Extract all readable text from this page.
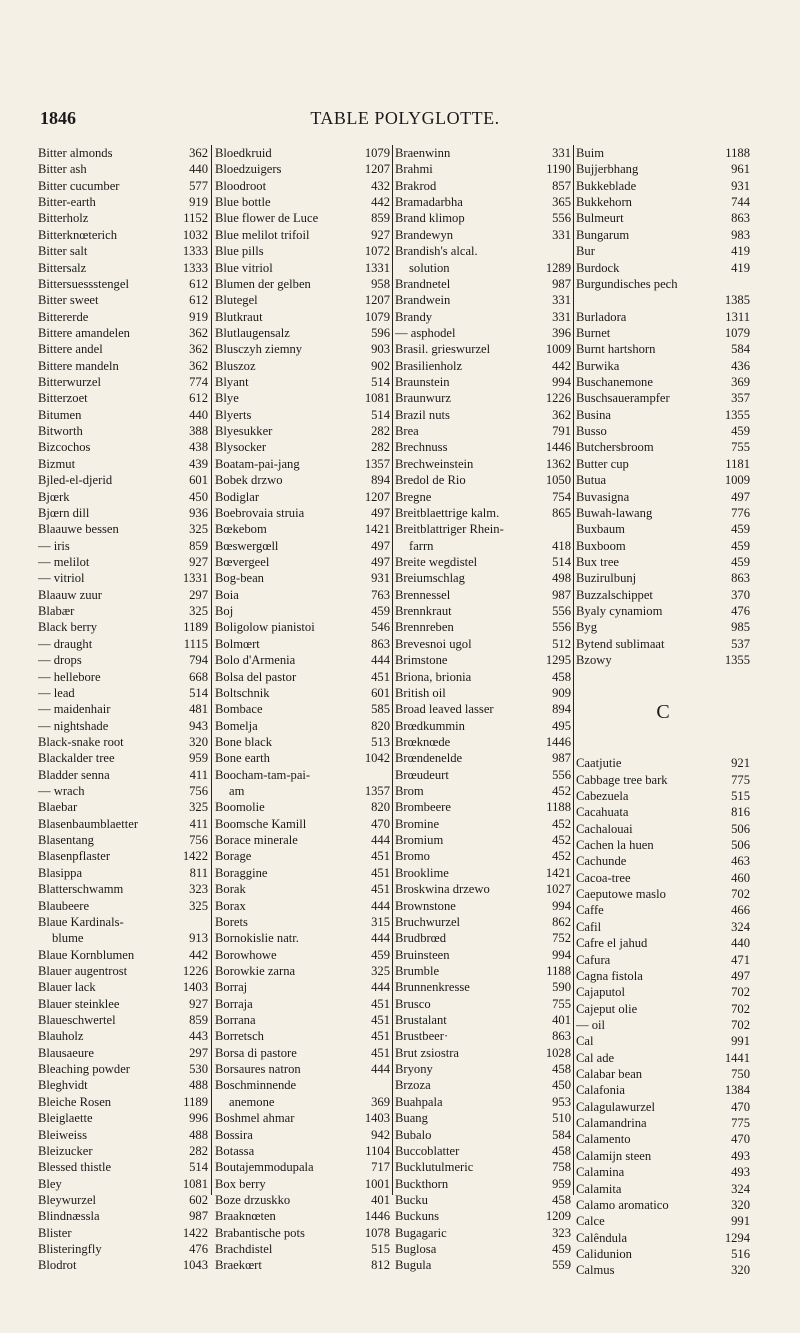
1846	TABLE POLYGLOTTE.
Bitter almonds	362
Bitter ash	440
Bitter cucumber	577
Bitter-earth	919
Bitterholz	1152
Bitterknœterich	1032
Bitter salt	1333
Bittersalz	1333
Bittersuessstengel	612
Bitter sweet	612
Bittererde	919
Bittere amandelen	362
Bittere andel	362
Bittere mandeln	362
Bitterwurzel	774
Bitterzoet	612
Bitumen	440
Bitworth	388
Bizcochos	438
Bizmut	439
Bjled-el-djerid	601
Bjœrk	450
Bjœrn dill	936
Blaauwe bessen	325
— iris	859
— melilot	927
— vitriol	1331
Blaauw zuur	297
Blabær	325
Black berry	1189
— draught	1115
— drops	794
— hellebore	668
— lead	514
— maidenhair	481
— nightshade	943
Black-snake root	320
Blackalder tree	959
Bladder senna	411
— wrach	756
Blaebar	325
Blasenbaumblaetter	411
Blasentang	756
Blasenpflaster	1422
Blasippa	811
Blatterschwamm	323
Blaubeere	325
Blaue Kardinals-
blume	913
Blaue Kornblumen	442
Blauer augentrost	1226
Blauer lack	1403
Blauer steinklee	927
Blaueschwertel	859
Blauholz	443
Blausaeure	297
Bleaching powder	530
Bleghvidt	488
Bleiche Rosen	1189
Bleiglaette	996
Bleiweiss	488
Bleizucker	282
Blessed thistle	514
Bley	1081
Bleywurzel	602
Blindnæssla	987
Blister	1422
Blisteringfly	476
Blodrot	1043
Bloedkruid	1079
Bloedzuigers	1207
Bloodroot	432
Blue bottle	442
Blue flower de Luce	859
Blue melilot trifoil	927
Blue pills	1072
Blue vitriol	1331
Blumen der gelben	958
Blutegel	1207
Blutkraut	1079
Blutlaugensalz	596
Blusczyh ziemny	903
Bluszoz	902
Blyant	514
Blye	1081
Blyerts	514
Blyesukker	282
Blysocker	282
Boatam-pai-jang	1357
Bobek drzwo	894
Bodiglar	1207
Boebrovaia struia	497
Bœkebom	1421
Bœswergœll	497
Bœvergeel	497
Bog-bean	931
Boia	763
Boj	459
Boligolow pianistoi	546
Bolmœrt	863
Bolo d'Armenia	444
Bolsa del pastor	451
Boltschnik	601
Bombace	585
Bomelja	820
Bone black	513
Bone earth	1042
Boocham-tam-pai-
am	1357
Boomolie	820
Boomsche Kamill	470
Borace minerale	444
Borage	451
Boraggine	451
Borak	451
Borax	444
Borets	315
Bornokislie natr.	444
Borowhowe	459
Borowkie zarna	325
Borraj	444
Borraja	451
Borrana	451
Borretsch	451
Borsa di pastore	451
Borsaures natron	444
Boschminnende
anemone	369
Boshmel ahmar	1403
Bossira	942
Botassa	1104
Boutajemmodupala	717
Box berry	1001
Boze drzuskko	401
Braaknœten	1446
Brabantische pots	1078
Brachdistel	515
Braekœrt	812
Braenwinn	331
Brahmi	1190
Brakrod	857
Bramadarbha	365
Brand klimop	556
Brandewyn	331
Brandish's alcal.
solution	1289
Brandnetel	987
Brandwein	331
Brandy	331
— asphodel	396
Brasil. grieswurzel	1009
Brasilienholz	442
Braunstein	994
Braunwurz	1226
Brazil nuts	362
Brea	791
Brechnuss	1446
Brechweinstein	1362
Bredol de Rio	1050
Bregne	754
Breitblaettrige kalm.	865
Breitblattriger Rhein-
farrn	418
Breite wegdistel	514
Breiumschlag	498
Brennessel	987
Brennkraut	556
Brennreben	556
Brevesnoi ugol	512
Brimstone	1295
Briona, brionia	458
British oil	909
Broad leaved lasser	894
Brœdkummin	495
Brœknœde	1446
Brœndenelde	987
Brœudeurt	556
Brom	452
Brombeere	1188
Bromine	452
Bromium	452
Bromo	452
Brooklime	1421
Broskwina drzewo	1027
Brownstone	994
Bruchwurzel	862
Brudbrœd	752
Bruinsteen	994
Brumble	1188
Brunnenkresse	590
Brusco	755
Brustalant	401
Brustbeer·	863
Brut zsiostra	1028
Bryony	458
Brzoza	450
Buahpala	953
Buang	510
Bubalo	584
Buccoblatter	458
Bucklutulmeric	758
Buckthorn	959
Bucku	458
Buckuns	1209
Bugagaric	323
Buglosa	459
Bugula	559
Buim	1188
Bujjerbhang	961
Bukkeblade	931
Bukkehorn	744
Bulmeurt	863
Bungarum	983
Bur	419
Burdock	419
Burgundisches pech
1385
Burladora	1311
Burnet	1079
Burnt hartshorn	584
Burwika	436
Buschanemone	369
Buschsauerampfer	357
Busina	1355
Busso	459
Butchersbroom	755
Butter cup	1181
Butua	1009
Buvasigna	497
Buwah-lawang	776
Buxbaum	459
Buxboom	459
Bux tree	459
Buzirulbunj	863
Buzzalschippet	370
Byaly cynamiom	476
Byg	985
Bytend sublimaat	537
Bzowy	1355
C
Caatjutie	921
Cabbage tree bark	775
Cabezuela	515
Cacahuata	816
Cachalouai	506
Cachen la huen	506
Cachunde	463
Cacoa-tree	460
Caeputowe maslo	702
Caffe	466
Cafil	324
Cafre el jahud	440
Cafura	471
Cagna fistola	497
Cajaputol	702
Cajeput olie	702
— oil	702
Cal	991
Cal ade	1441
Calabar bean	750
Calafonia	1384
Calagulawurzel	470
Calamandrina	775
Calamento	470
Calamijn steen	493
Calamina	493
Calamita	324
Calamo aromatico	320
Calce	991
Calêndula	1294
Calidunion	516
Calmus	320
